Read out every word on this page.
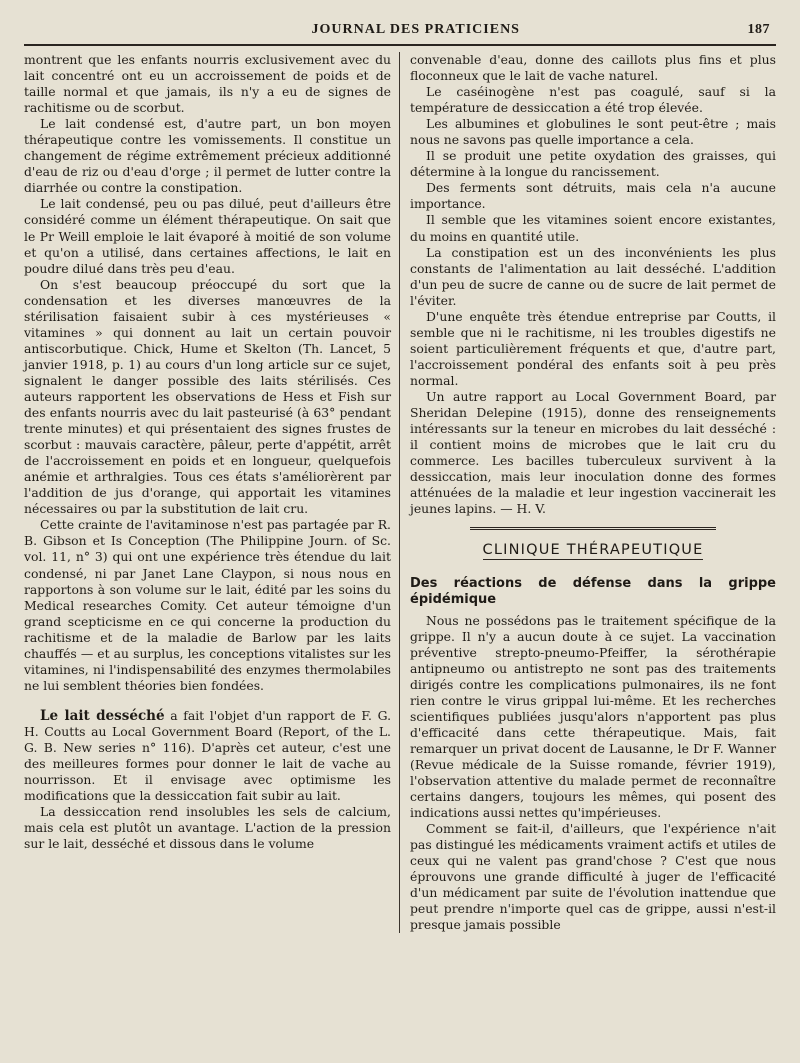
JOURNAL DES PRATICIENS	187

montrent que les enfants nourris exclusivement avec du lait concentré ont eu un accroissement de poids et de taille normal et que jamais, ils n'y a eu de signes de rachitisme ou de scorbut.

Le lait condensé est, d'autre part, un bon moyen thérapeutique contre les vomissements. Il constitue un changement de régime extrêmement précieux additionné d'eau de riz ou d'eau d'orge ; il permet de lutter contre la diarrhée ou contre la constipation.

Le lait condensé, peu ou pas dilué, peut d'ailleurs être considéré comme un élément thérapeutique. On sait que le Pr Weill emploie le lait évaporé à moitié de son volume et qu'on a utilisé, dans certaines affections, le lait en poudre dilué dans très peu d'eau.

On s'est beaucoup préoccupé du sort que la condensation et les diverses manœuvres de la stérilisation faisaient subir à ces mystérieuses « vitamines » qui donnent au lait un certain pouvoir antiscorbutique. Chick, Hume et Skelton (Th. Lancet, 5 janvier 1918, p. 1) au cours d'un long article sur ce sujet, signalent le danger possible des laits stérilisés. Ces auteurs rapportent les observations de Hess et Fish sur des enfants nourris avec du lait pasteurisé (à 63° pendant trente minutes) et qui présentaient des signes frustes de scorbut : mauvais caractère, pâleur, perte d'appétit, arrêt de l'accroissement en poids et en longueur, quelquefois anémie et arthralgies. Tous ces états s'améliorèrent par l'addition de jus d'orange, qui apportait les vitamines nécessaires ou par la substitution de lait cru.

Cette crainte de l'avitaminose n'est pas partagée par R. B. Gibson et Is Conception (The Philippine Journ. of Sc. vol. 11, n° 3) qui ont une expérience très étendue du lait condensé, ni par Janet Lane Claypon, si nous nous en rapportons à son volume sur le lait, édité par les soins du Medical researches Comity. Cet auteur témoigne d'un grand scepticisme en ce qui concerne la production du rachitisme et de la maladie de Barlow par les laits chauffés — et au surplus, les conceptions vitalistes sur les vitamines, ni l'indispensabilité des enzymes thermolabiles ne lui semblent théories bien fondées.

Le lait desséché a fait l'objet d'un rapport de F. G. H. Coutts au Local Government Board (Report, of the L. G. B. New series n° 116). D'après cet auteur, c'est une des meilleures formes pour donner le lait de vache au nourrisson. Et il envisage avec optimisme les modifications que la dessiccation fait subir au lait.

La dessiccation rend insolubles les sels de calcium, mais cela est plutôt un avantage. L'action de la pression sur le lait, desséché et dissous dans le volume

convenable d'eau, donne des caillots plus fins et plus floconneux que le lait de vache naturel.

Le caséinogène n'est pas coagulé, sauf si la température de dessiccation a été trop élevée.

Les albumines et globulines le sont peut-être ; mais nous ne savons pas quelle importance a cela.

Il se produit une petite oxydation des graisses, qui détermine à la longue du rancissement.

Des ferments sont détruits, mais cela n'a aucune importance.

Il semble que les vitamines soient encore existantes, du moins en quantité utile.

La constipation est un des inconvénients les plus constants de l'alimentation au lait desséché. L'addition d'un peu de sucre de canne ou de sucre de lait permet de l'éviter.

D'une enquête très étendue entreprise par Coutts, il semble que ni le rachitisme, ni les troubles digestifs ne soient particulièrement fréquents et que, d'autre part, l'accroissement pondéral des enfants soit à peu près normal.

Un autre rapport au Local Government Board, par Sheridan Delepine (1915), donne des renseignements intéressants sur la teneur en microbes du lait desséché : il contient moins de microbes que le lait cru du commerce. Les bacilles tuberculeux survivent à la dessiccation, mais leur inoculation donne des formes atténuées de la maladie et leur ingestion vaccinerait les jeunes lapins. — H. V.

CLINIQUE THÉRAPEUTIQUE
Des réactions de défense dans la grippe épidémique

Nous ne possédons pas le traitement spécifique de la grippe. Il n'y a aucun doute à ce sujet. La vaccination préventive strepto-pneumo-Pfeiffer, la sérothérapie antipneumo ou antistrepto ne sont pas des traitements dirigés contre les complications pulmonaires, ils ne font rien contre le virus grippal lui-même. Et les recherches scientifiques publiées jusqu'alors n'apportent pas plus d'efficacité dans cette thérapeutique. Mais, fait remarquer un privat docent de Lausanne, le Dr F. Wanner (Revue médicale de la Suisse romande, février 1919), l'observation attentive du malade permet de reconnaître certains dangers, toujours les mêmes, qui posent des indications aussi nettes qu'impérieuses.

Comment se fait-il, d'ailleurs, que l'expérience n'ait pas distingué les médicaments vraiment actifs et utiles de ceux qui ne valent pas grand'chose ? C'est que nous éprouvons une grande difficulté à juger de l'efficacité d'un médicament par suite de l'évolution inattendue que peut prendre n'importe quel cas de grippe, aussi n'est-il presque jamais possible
